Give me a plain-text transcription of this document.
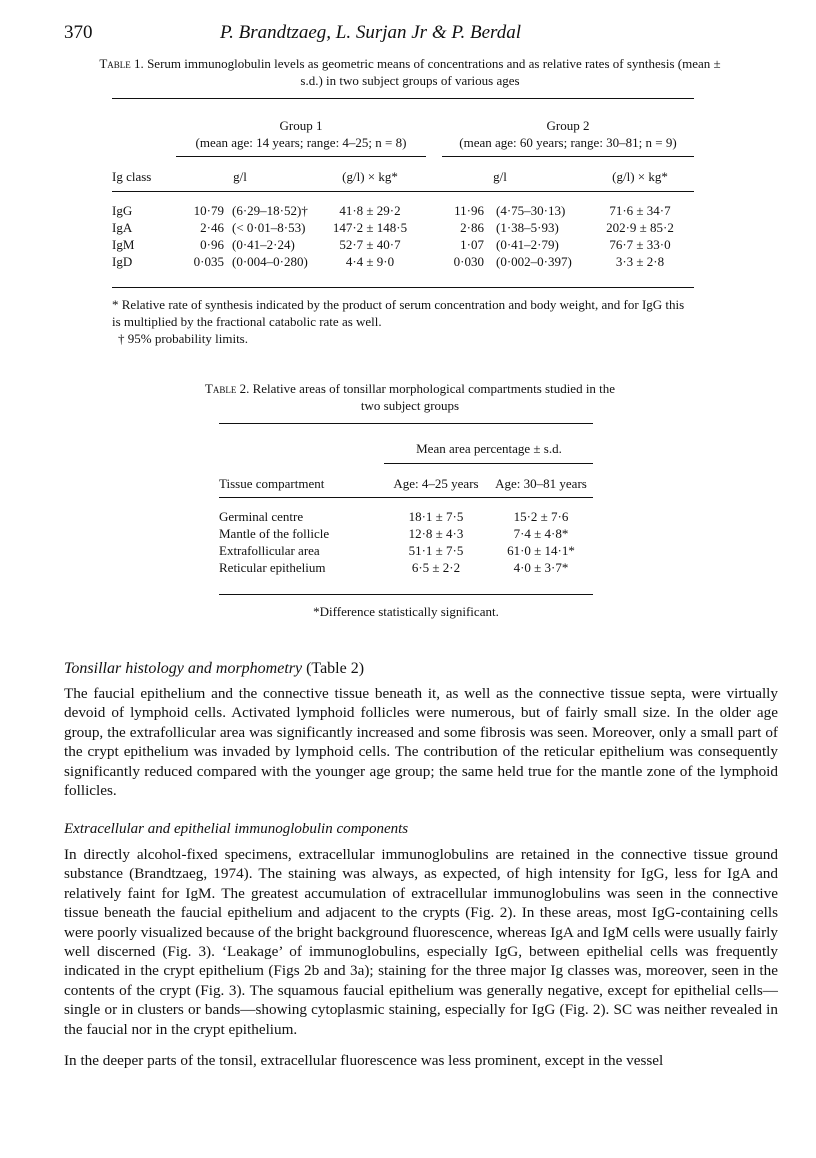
370	P. Brandtzaeg, L. Surjan Jr & P. Berdal
Table 1. Serum immunoglobulin levels as geometric means of concentrations and as relative rates of synthesis (mean ± s.d.) in two subject groups of various ages
Group 1
(mean age: 14 years; range: 4–25; n = 8)
Group 2
(mean age: 60 years; range: 30–81; n = 9)
Ig class	g/l	(g/l) × kg*	g/l	(g/l) × kg*
IgG	10·79 (6·29–18·52)†	41·8 ± 29·2	11·96 (4·75–30·13)	71·6 ± 34·7
IgA	2·46 (< 0·01–8·53)	147·2 ± 148·5	2·86 (1·38–5·93)	202·9 ± 85·2
IgM	0·96 (0·41–2·24)	52·7 ± 40·7	1·07 (0·41–2·79)	76·7 ± 33·0
IgD	0·035 (0·004–0·280)	4·4 ± 9·0	0·030 (0·002–0·397)	3·3 ± 2·8
* Relative rate of synthesis indicated by the product of serum concentration and body weight, and for IgG this is multiplied by the fractional catabolic rate as well.
† 95% probability limits.
Table 2. Relative areas of tonsillar morphological compartments studied in the two subject groups
Mean area percentage ± s.d.
Tissue compartment	Age: 4–25 years	Age: 30–81 years
Germinal centre	18·1 ± 7·5	15·2 ± 7·6
Mantle of the follicle	12·8 ± 4·3	7·4 ± 4·8*
Extrafollicular area	51·1 ± 7·5	61·0 ± 14·1*
Reticular epithelium	6·5 ± 2·2	4·0 ± 3·7*
*Difference statistically significant.
Tonsillar histology and morphometry (Table 2)

The faucial epithelium and the connective tissue beneath it, as well as the connective tissue septa, were virtually devoid of lymphoid cells. Activated lymphoid follicles were numerous, but of fairly small size. In the older age group, the extrafollicular area was significantly increased and some fibrosis was seen. Moreover, only a small part of the crypt epithelium was invaded by lymphoid cells. The contribution of the reticular epithelium was consequently significantly reduced compared with the younger age group; the same held true for the mantle zone of the lymphoid follicles.

Extracellular and epithelial immunoglobulin components

In directly alcohol-fixed specimens, extracellular immunoglobulins are retained in the connective tissue ground substance (Brandtzaeg, 1974). The staining was always, as expected, of high intensity for IgG, less for IgA and relatively faint for IgM. The greatest accumulation of extracellular immunoglobulins was seen in the connective tissue beneath the faucial epithelium and adjacent to the crypts (Fig. 2). In these areas, most IgG-containing cells were poorly visualized because of the bright background fluorescence, whereas IgA and IgM cells were usually fairly well discerned (Fig. 3). ‘Leakage’ of immunoglobulins, especially IgG, between epithelial cells was frequently indicated in the crypt epithelium (Figs 2b and 3a); staining for the three major Ig classes was, moreover, seen in the contents of the crypt (Fig. 3). The squamous faucial epithelium was generally negative, except for epithelial cells—single or in clusters or bands—showing cytoplasmic staining, especially for IgG (Fig. 2). SC was neither revealed in the faucial nor in the crypt epithelium.

In the deeper parts of the tonsil, extracellular fluorescence was less prominent, except in the vessel
